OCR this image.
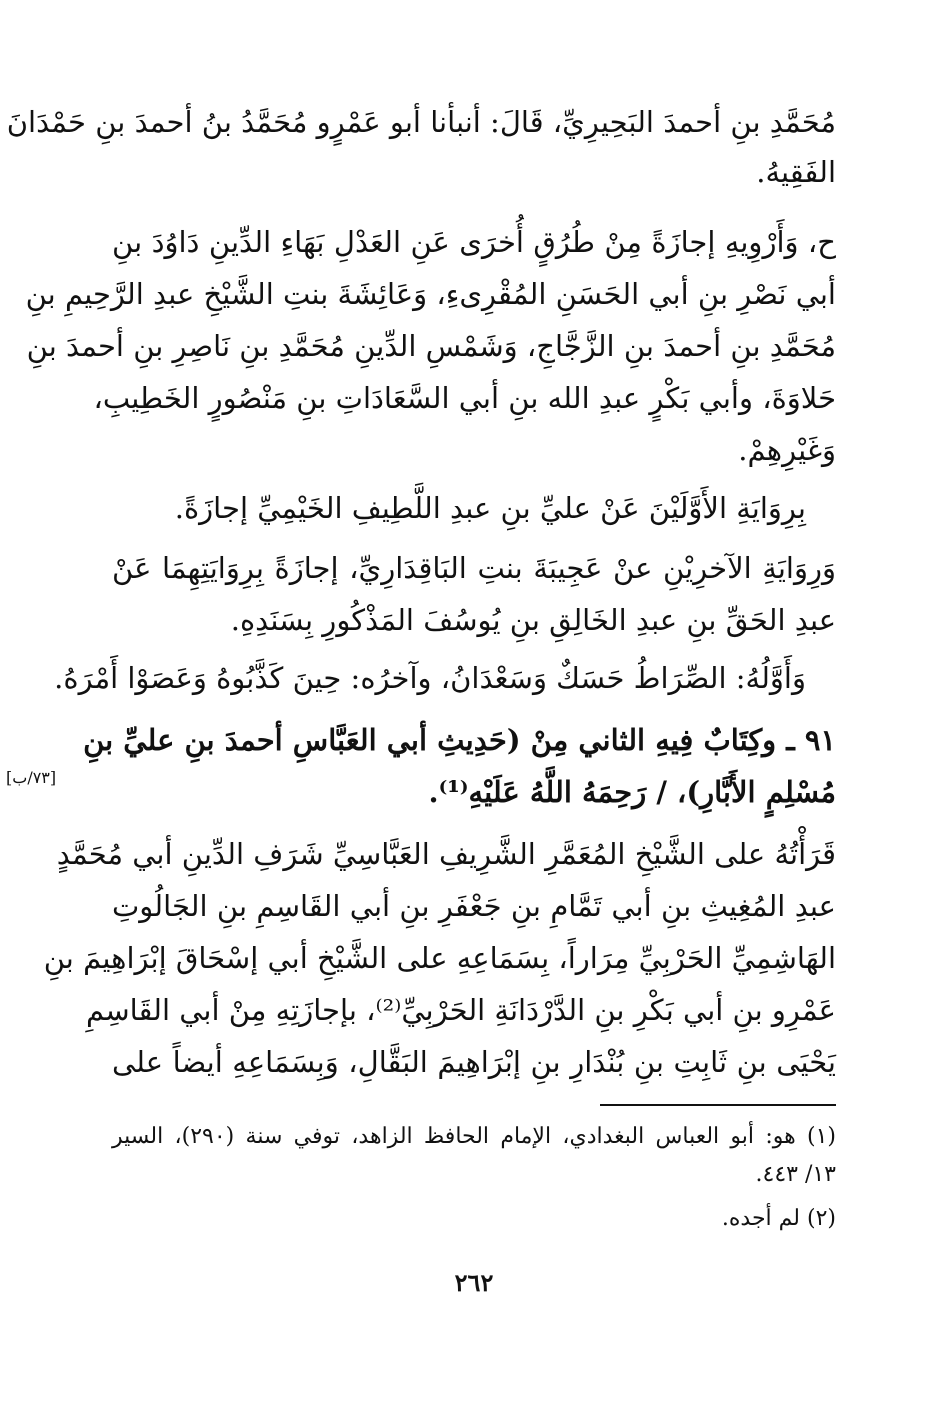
مُحَمَّدِ بنِ أحمدَ البَحِيرِيِّ، قَالَ: أنبأنا أبو عَمْرٍو مُحَمَّدُ بنُ أحمدَ بنِ حَمْدَانَ
الفَقِيهُ.
ح، وَأَرْوِيهِ إجازَةً مِنْ طُرُقٍ أُخرَى عَنِ العَدْلِ بَهَاءِ الدِّينِ دَاوُدَ بنِ
أبي نَصْرِ بنِ أبي الحَسَنِ المُقْرِىءِ، وَعَائِشَةَ بنتِ الشَّيْخِ عبدِ الرَّحِيمِ بنِ
مُحَمَّدِ بنِ أحمدَ بنِ الزَّجَّاجِ، وَشَمْسِ الدِّينِ مُحَمَّدِ بنِ نَاصِرِ بنِ أحمدَ بنِ
حَلاوَةَ، وأبي بَكْرٍ عبدِ الله بنِ أبي السَّعَادَاتِ بنِ مَنْصُورٍ الخَطِيبِ،
وَغَيْرِهِمْ.
بِرِوَايَةِ الأَوَّلَيْنَ عَنْ عليِّ بنِ عبدِ اللَّطِيفِ الخَيْمِيِّ إجازَةً.
وَرِوَايَةِ الآخرِيْنِ عنْ عَجِيبَةَ بنتِ البَاقِدَارِيِّ، إجازَةً بِرِوَايَتِهِمَا عَنْ
عبدِ الحَقِّ بنِ عبدِ الخَالِقِ بنِ يُوسُفَ المَذْكُورِ بِسَنَدِهِ.
وَأَوَّلُهُ: الصِّرَاطُ حَسَكٌ وَسَعْدَانُ، وآخرُه: حِينَ كَذَّبُوهُ وَعَصَوْا أَمْرَهُ.
٩١ ـ وكِتَابٌ فِيهِ الثاني مِنْ (حَدِيثِ أبي العَبَّاسِ أحمدَ بنِ عليِّ بنِ
مُسْلِمٍ الأَبَّارِ)، / رَحِمَهُ اللَّهُ عَلَيْهِ⁽¹⁾.
[٧٣/ب]
قَرَأْتُهُ على الشَّيْخِ المُعَمَّرِ الشَّرِيفِ العَبَّاسِيِّ شَرَفِ الدِّينِ أبي مُحَمَّدٍ
عبدِ المُغِيثِ بنِ أبي تَمَّامِ بنِ جَعْفَرِ بنِ أبي القَاسِمِ بنِ الجَالُوتِ
الهَاشِمِيِّ الحَرْبِيِّ مِرَاراً، بِسَمَاعِهِ على الشَّيْخِ أبي إسْحَاقَ إبْرَاهِيمَ بنِ
عَمْرِو بنِ أبي بَكْرِ بنِ الدَّرْدَانَةِ الحَرْبِيِّ⁽²⁾، بإجازَتِهِ مِنْ أبي القَاسِمِ
يَحْيَى بنِ ثَابِتِ بنِ بُنْدَارِ بنِ إبْرَاهِيمَ البَقَّالِ، وَبِسَمَاعِهِ أيضاً على
(١) هو: أبو العباس البغدادي، الإمام الحافظ الزاهد، توفي سنة (٢٩٠)، السير
١٣/ ٤٤٣.
(٢) لم أجده.
٢٦٢
